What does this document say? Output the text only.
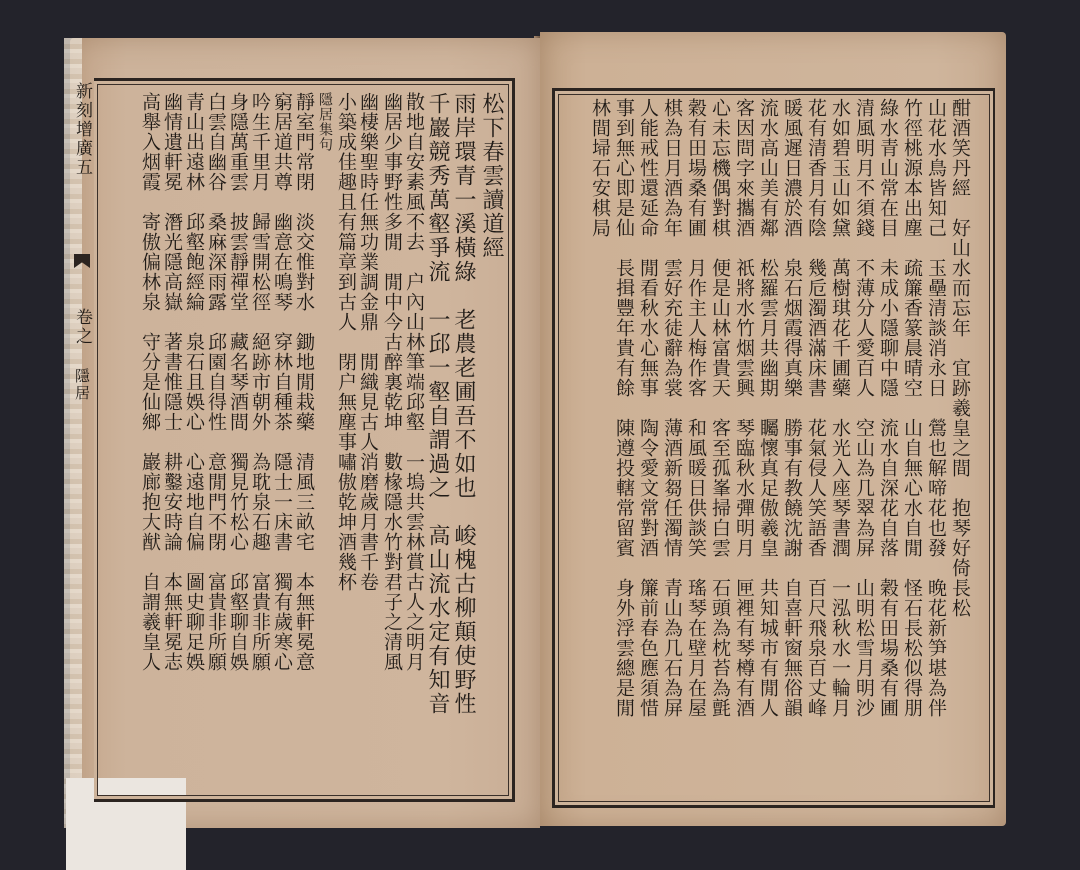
新刻增廣五
卷之
隱居
松下春雲讀道經
雨岸環青一溪橫綠　老農老圃吾不如也　峻槐古柳顛使野性
千巖競秀萬壑爭流　一邱一壑自謂過之　高山流水定有知音
散地自安素風不去　户內山林筆端邱壑　一塢共雲林賞古人之明月
幽居少事野性多閒　閒中今古醉裏乾坤　數椽隱水竹對君子之清風
幽棲樂聖時任無功業調金鼎　閒織見古人消磨歲月書千卷
小築成佳趣且有篇章到古人　閉户無塵事嘯傲乾坤酒幾杯
隱居集句
靜室門常閉　淡交惟對水　鋤地閒栽藥　清風三畝宅　本無軒冕意
窮居道共尊　幽意在鳴琴　穿林自種茶　隱士一床書　獨有歲寒心
吟生千里月　歸雪開松徑　絕跡市朝外　為耽泉石趣　富貴非所願
身隱萬重雲　披雲靜禪堂　藏名琴酒間　獨見竹松心　邱壑聊自娛
白雲自幽谷　桑麻深雨露　邱園自得性　意閒門不閉　富貴非所願
青山出遠林　邱壑飽經綸　泉石且娛心　心遠地自偏　圖史聊足娛
幽情遺軒冕　潛光隱高嶽　著書惟隱士　耕鑿安時論　本無軒冕志
高舉入烟霞　寄傲偏林泉　守分是仙鄉　巖廊抱大猷　自謂羲皇人	酣酒笑丹經　好山水而忘年　宜跡羲皇之間　抱琴好倚長松
山花水鳥皆知己　玉壘清談消永日　鶯也解啼花也發　晚花新笋堪為伴
竹徑桃源本出塵　疏簾香篆晨晴空　山自無心水自閒　怪石長松似得朋
綠水青山常在目　未成小隱聊中隱　流水自深花自落　穀有田場桑有圃
清風明月不須錢　不薄分人愛百人　空山為几翠為屏　山明松雪月明沙
水如碧玉山如黛　萬樹琪花千圃藥　水光入座琴書潤　一泓秋水一輪月
花有清香月有陰　幾卮濁酒滿床書　花氣侵人笑語香　百尺飛泉百丈峰
暖風遲日濃於酒　泉石烟霞得真樂　勝事有教饒沈謝　自喜軒窗無俗韻
流水高山美有鄰　松羅雲月共幽期　矚懷真足傲羲皇　共知城市有閒人
客因問字來攜酒　祇將水竹烟雲興　琴臨秋水彈明月　匣裡有琴樽有酒
心未忘機偶對棋　便是山林富貴天　客至孤峯掃白雲　石頭為枕苔為氈
穀有田場桑有圃　月作主人梅作客　和風暖日供談笑　瑤琴在壁月在屋
棋為日月酒為年　雲好充徒辭為裳　薄酒新芻任濁情　青山為几石為屏
人能戒性還延命　閒看秋水心無事　陶令愛文常對酒　簾前春色應須惜
事到無心即是仙　長揖豐年貴有餘　陳遵投轄常留賓　身外浮雲總是閒
林間埽石安棋局
